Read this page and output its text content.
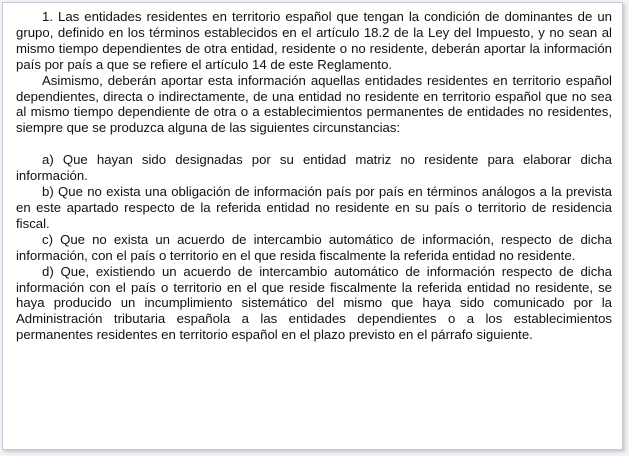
1. Las entidades residentes en territorio español que tengan la condición de dominantes de un grupo, definido en los términos establecidos en el artículo 18.2 de la Ley del Impuesto, y no sean al mismo tiempo dependientes de otra entidad, residente o no residente, deberán aportar la información país por país a que se refiere el artículo 14 de este Reglamento.

Asimismo, deberán aportar esta información aquellas entidades residentes en territorio español dependientes, directa o indirectamente, de una entidad no residente en territorio español que no sea al mismo tiempo dependiente de otra o a establecimientos permanentes de entidades no residentes, siempre que se produzca alguna de las siguientes circunstancias:

a) Que hayan sido designadas por su entidad matriz no residente para elaborar dicha información.

b) Que no exista una obligación de información país por país en términos análogos a la prevista en este apartado respecto de la referida entidad no residente en su país o territorio de residencia fiscal.

c) Que no exista un acuerdo de intercambio automático de información, respecto de dicha información, con el país o territorio en el que resida fiscalmente la referida entidad no residente.

d) Que, existiendo un acuerdo de intercambio automático de información respecto de dicha información con el país o territorio en el que reside fiscalmente la referida entidad no residente, se haya producido un incumplimiento sistemático del mismo que haya sido comunicado por la Administración tributaria española a las entidades dependientes o a los establecimientos permanentes residentes en territorio español en el plazo previsto en el párrafo siguiente.
